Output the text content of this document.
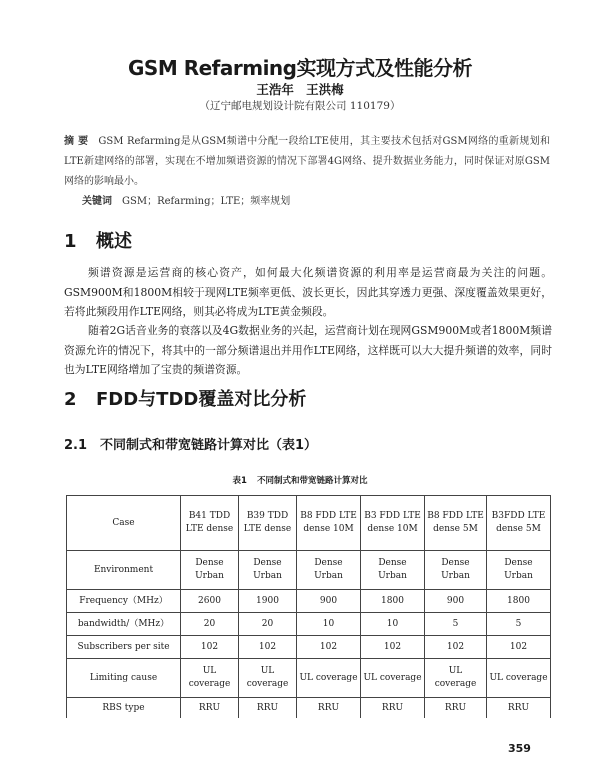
GSM Refarming实现方式及性能分析
王浩年 王洪梅
（辽宁邮电规划设计院有限公司 110179）
摘 要 GSM Refarming是从GSM频谱中分配一段给LTE使用，其主要技术包括对GSM网络的重新规划和LTE新建网络的部署，实现在不增加频谱资源的情况下部署4G网络、提升数据业务能力，同时保证对原GSM网络的影响最小。
关键词 GSM；Refarming；LTE；频率规划
1 概述
频谱资源是运营商的核心资产，如何最大化频谱资源的利用率是运营商最为关注的问题。GSM900M和1800M相较于现网LTE频率更低、波长更长，因此其穿透力更强、深度覆盖效果更好，若将此频段用作LTE网络，则其必将成为LTE黄金频段。
随着2G话音业务的衰落以及4G数据业务的兴起，运营商计划在现网GSM900M或者1800M频谱资源允许的情况下，将其中的一部分频谱退出并用作LTE网络，这样既可以大大提升频谱的效率，同时也为LTE网络增加了宝贵的频谱资源。
2 FDD与TDD覆盖对比分析
2.1 不同制式和带宽链路计算对比（表1）
表1 不同制式和带宽链路计算对比
Case	B41 TDD LTE dense	B39 TDD LTE dense	B8 FDD LTE dense 10M	B3 FDD LTE dense 10M	B8 FDD LTE dense 5M	B3FDD LTE dense 5M
Environment	Dense Urban	Dense Urban	Dense Urban	Dense Urban	Dense Urban	Dense Urban
Frequency（MHz）	2600	1900	900	1800	900	1800
bandwidth/（MHz）	20	20	10	10	5	5
Subscribers per site	102	102	102	102	102	102
Limiting cause	UL coverage	UL coverage	UL coverage	UL coverage	UL coverage	UL coverage
RBS type	RRU	RRU	RRU	RRU	RRU	RRU
359
